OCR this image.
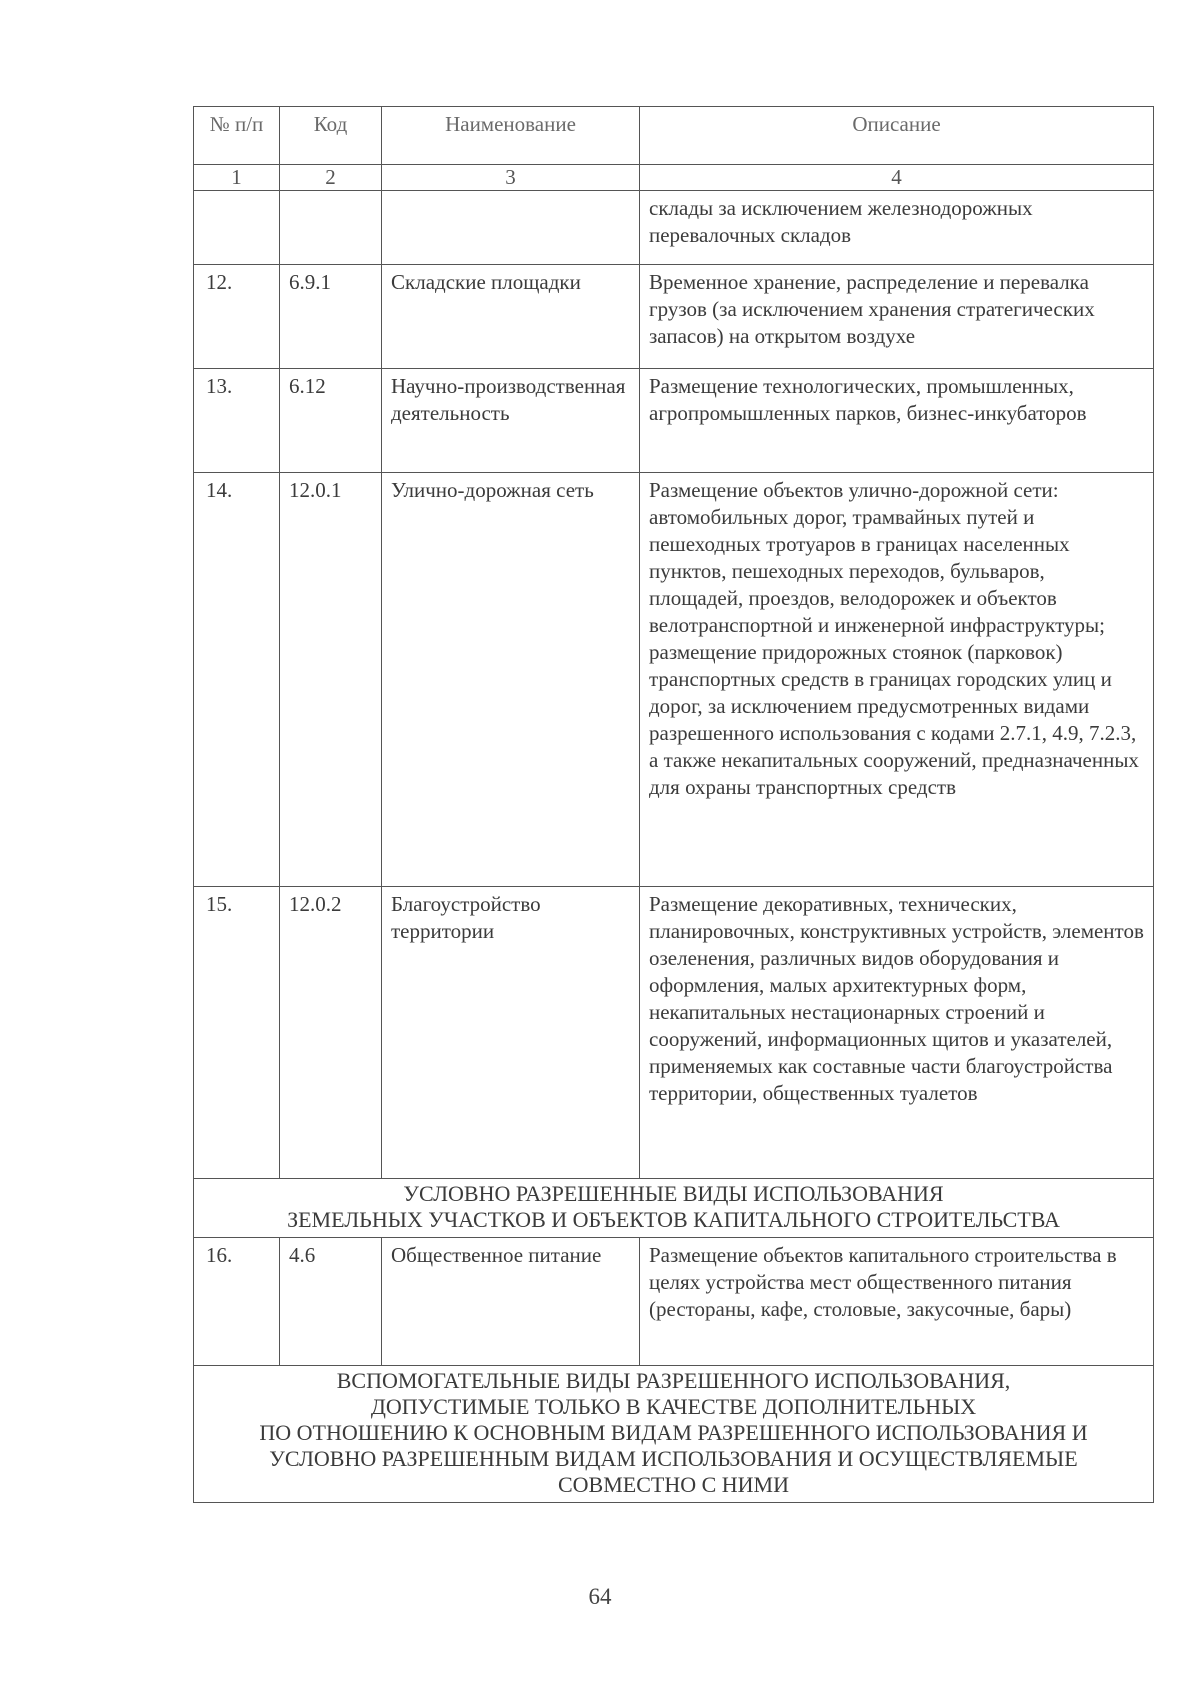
№ п/п	Код	Наименование	Описание
1	2	3	4
			склады за исключением железнодорожных перевалочных складов
12.	6.9.1	Складские площадки	Временное хранение, распределение и перевалка грузов (за исключением хранения стратегических запасов) на открытом воздухе
13.	6.12	Научно-производственная деятельность	Размещение технологических, промышленных, агропромышленных парков, бизнес-инкубаторов
14.	12.0.1	Улично-дорожная сеть	Размещение объектов улично-дорожной сети: автомобильных дорог, трамвайных путей и пешеходных тротуаров в границах населенных пунктов, пешеходных переходов, бульваров, площадей, проездов, велодорожек и объектов велотранспортной и инженерной инфраструктуры; размещение придорожных стоянок (парковок) транспортных средств в границах городских улиц и дорог, за исключением предусмотренных видами разрешенного использования с кодами 2.7.1, 4.9, 7.2.3, а также некапитальных сооружений, предназначенных для охраны транспортных средств
15.	12.0.2	Благоустройство территории	Размещение декоративных, технических, планировочных, конструктивных устройств, элементов озеленения, различных видов оборудования и оформления, малых архитектурных форм, некапитальных нестационарных строений и сооружений, информационных щитов и указателей, применяемых как составные части благоустройства территории, общественных туалетов

УСЛОВНО РАЗРЕШЕННЫЕ ВИДЫ ИСПОЛЬЗОВАНИЯ
ЗЕМЕЛЬНЫХ УЧАСТКОВ И ОБЪЕКТОВ КАПИТАЛЬНОГО СТРОИТЕЛЬСТВА			

16.	4.6	Общественное питание	Размещение объектов капитального строительства в целях устройства мест общественного питания (рестораны, кафе, столовые, закусочные, бары)

ВСПОМОГАТЕЛЬНЫЕ ВИДЫ РАЗРЕШЕННОГО ИСПОЛЬЗОВАНИЯ,
ДОПУСТИМЫЕ ТОЛЬКО В КАЧЕСТВЕ ДОПОЛНИТЕЛЬНЫХ
ПО ОТНОШЕНИЮ К ОСНОВНЫМ ВИДАМ РАЗРЕШЕННОГО ИСПОЛЬЗОВАНИЯ И
УСЛОВНО РАЗРЕШЕННЫМ ВИДАМ ИСПОЛЬЗОВАНИЯ И ОСУЩЕСТВЛЯЕМЫЕ
СОВМЕСТНО С НИМИ			
64
